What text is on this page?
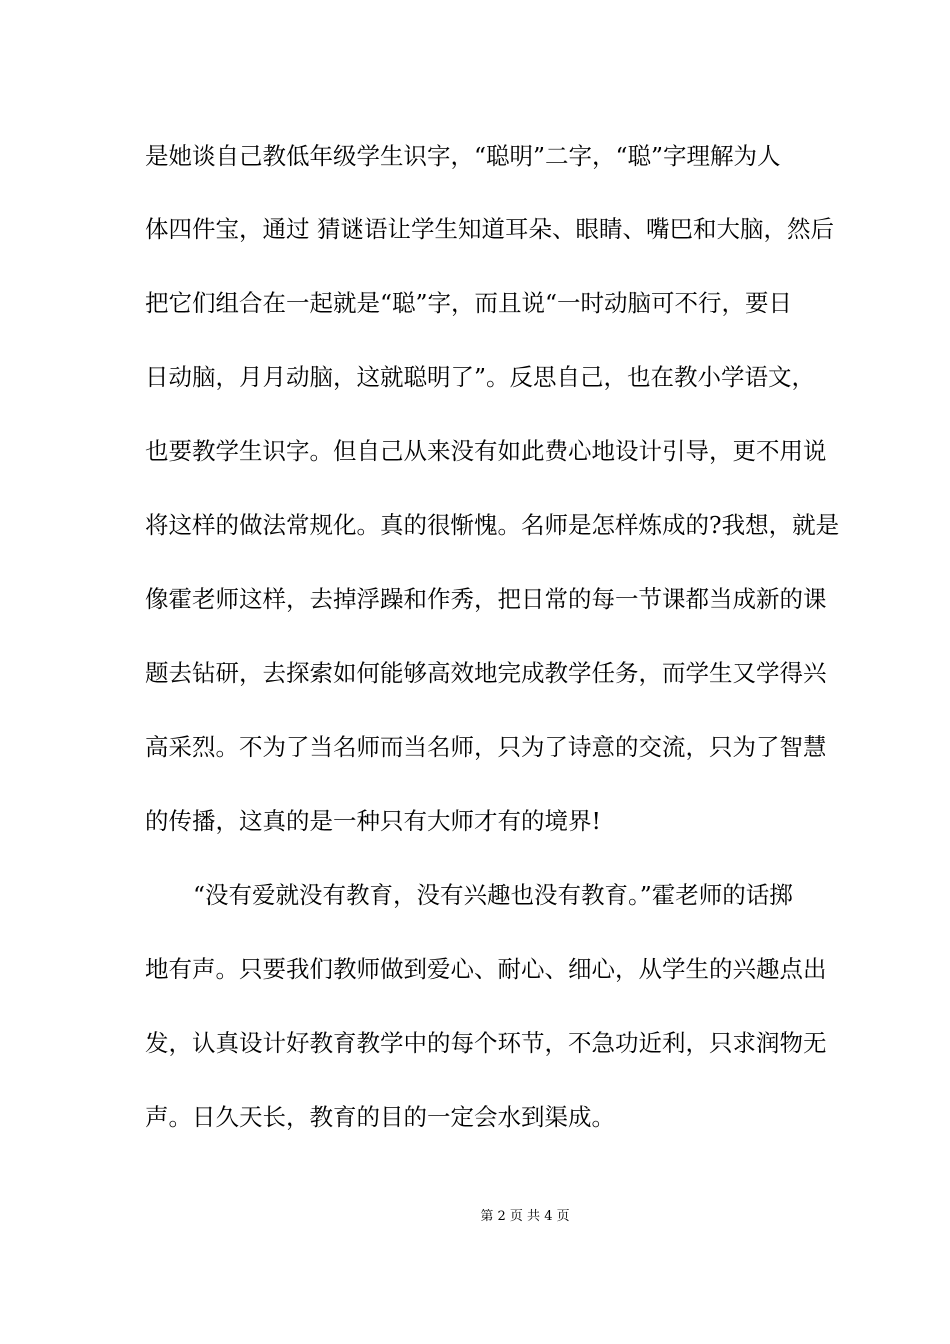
是她谈自己教低年级学生识字，“聪明”二字，“聪”字理解为人
体四件宝，通过 猜谜语让学生知道耳朵、眼睛、嘴巴和大脑，然后
把它们组合在一起就是“聪”字，而且说“一时动脑可不行，要日
日动脑，月月动脑，这就聪明了”。反思自己，也在教小学语文，
也要教学生识字。但自己从来没有如此费心地设计引导，更不用说
将这样的做法常规化。真的很惭愧。名师是怎样炼成的?我想，就是
像霍老师这样，去掉浮躁和作秀，把日常的每一节课都当成新的课
题去钻研，去探索如何能够高效地完成教学任务，而学生又学得兴
高采烈。不为了当名师而当名师，只为了诗意的交流，只为了智慧
的传播，这真的是一种只有大师才有的境界!
“没有爱就没有教育，没有兴趣也没有教育。”霍老师的话掷
地有声。只要我们教师做到爱心、耐心、细心，从学生的兴趣点出
发，认真设计好教育教学中的每个环节，不急功近利，只求润物无
声。日久天长，教育的目的一定会水到渠成。
第 2 页 共 4 页
